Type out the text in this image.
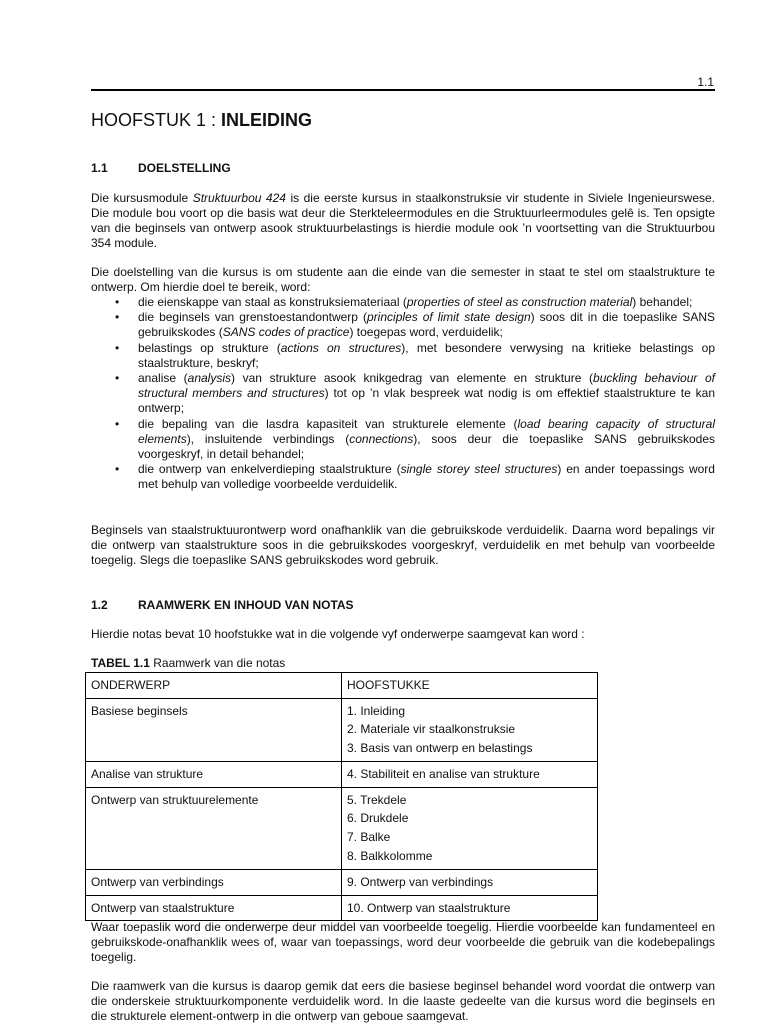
1.1
HOOFSTUK 1 : INLEIDING
1.1	DOELSTELLING

Die kursusmodule Struktuurbou 424 is die eerste kursus in staalkonstruksie vir studente in Siviele Ingenieurswese. Die module bou voort op die basis wat deur die Sterkteleermodules en die Struktuurleermodules gelê is. Ten opsigte van die beginsels van ontwerp asook struktuurbelastings is hierdie module ook ’n voortsetting van die Struktuurbou 354 module.

Die doelstelling van die kursus is om studente aan die einde van die semester in staat te stel om staalstrukture te ontwerp. Om hierdie doel te bereik, word:

• die eienskappe van staal as konstruksiemateriaal (properties of steel as construction material) behandel;
• die beginsels van grenstoestandontwerp (principles of limit state design) soos dit in die toepaslike SANS gebruikskodes (SANS codes of practice) toegepas word, verduidelik;
• belastings op strukture (actions on structures), met besondere verwysing na kritieke belastings op staalstrukture, beskryf;
• analise (analysis) van strukture asook knikgedrag van elemente en strukture (buckling behaviour of structural members and structures) tot op ’n vlak bespreek wat nodig is om effektief staalstrukture te kan ontwerp;
• die bepaling van die lasdra kapasiteit van strukturele elemente (load bearing capacity of structural elements), insluitende verbindings (connections), soos deur die toepaslike SANS gebruikskodes voorgeskryf, in detail behandel;
• die ontwerp van enkelverdieping staalstrukture (single storey steel structures) en ander toepassings word met behulp van volledige voorbeelde verduidelik.

Beginsels van staalstruktuurontwerp word onafhanklik van die gebruikskode verduidelik. Daarna word bepalings vir die ontwerp van staalstrukture soos in die gebruikskodes voorgeskryf, verduidelik en met behulp van voorbeelde toegelig. Slegs die toepaslike SANS gebruikskodes word gebruik.

1.2	RAAMWERK EN INHOUD VAN NOTAS

Hierdie notas bevat 10 hoofstukke wat in die volgende vyf onderwerpe saamgevat kan word :

TABEL 1.1 Raamwerk van die notas
ONDERWERP	HOOFSTUKKE
Basiese beginsels	1. Inleiding
2. Materiale vir staalkonstruksie
3. Basis van ontwerp en belastings

Analise van strukture	4. Stabiliteit en analise van strukture

Ontwerp van struktuurelemente	5. Trekdele
6. Drukdele
7. Balke
8. Balkkolomme

Ontwerp van verbindings	9. Ontwerp van verbindings

Ontwerp van staalstrukture	10. Ontwerp van staalstrukture

Waar toepaslik word die onderwerpe deur middel van voorbeelde toegelig. Hierdie voorbeelde kan fundamenteel en gebruikskode-onafhanklik wees of, waar van toepassings, word deur voorbeelde die gebruik van die kodebepalings toegelig.

Die raamwerk van die kursus is daarop gemik dat eers die basiese beginsel behandel word voordat die ontwerp van die onderskeie struktuurkomponente verduidelik word. In die laaste gedeelte van die kursus word die beginsels en die strukturele element-ontwerp in die ontwerp van geboue saamgevat.
